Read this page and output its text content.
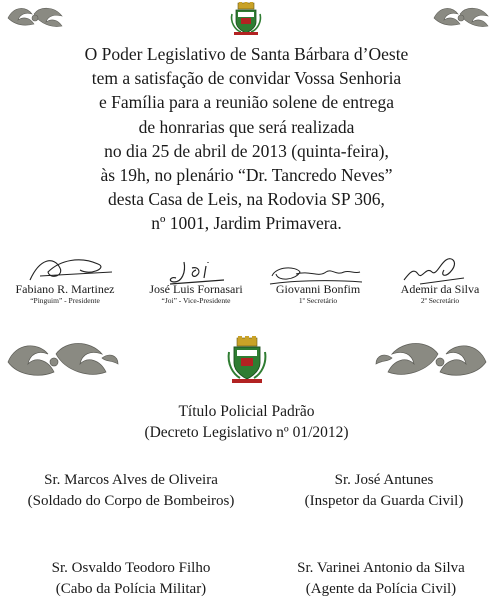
O Poder Legislativo de Santa Bárbara d’Oeste
tem a satisfação de convidar Vossa Senhoria
e Família para a reunião solene de entrega
de honrarias que será realizada
no dia 25 de abril de 2013 (quinta-feira),
às 19h, no plenário “Dr. Tancredo Neves”
desta Casa de Leis, na Rodovia SP 306,
nº 1001, Jardim Primavera.
Fabiano R. Martinez
“Pinguim” - Presidente
José Luis Fornasari
“Joi” - Vice-Presidente
Giovanni Bonfim
1º Secretário
Ademir da Silva
2º Secretário
Título Policial Padrão
(Decreto Legislativo nº 01/2012)
Sr. Marcos Alves de Oliveira
(Soldado do Corpo de Bombeiros)
Sr. José Antunes
(Inspetor da Guarda Civil)
Sr. Osvaldo Teodoro Filho
(Cabo da Polícia Militar)
Sr. Varinei Antonio da Silva
(Agente da Polícia Civil)
